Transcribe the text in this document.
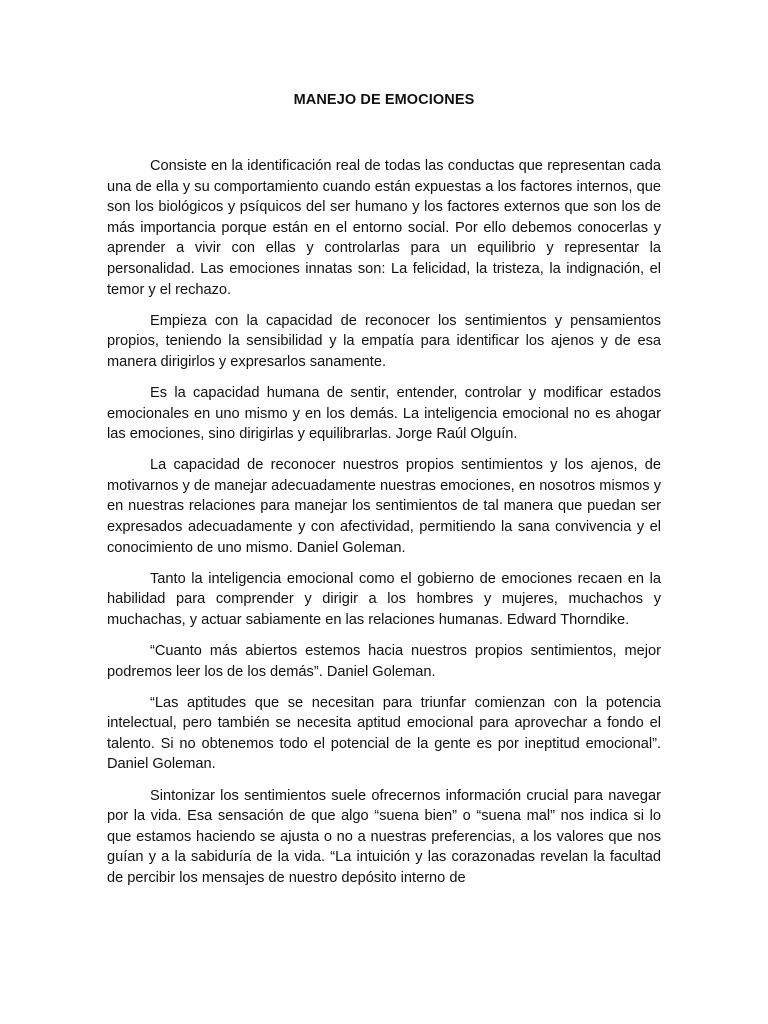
MANEJO DE EMOCIONES

Consiste en la identificación real de todas las conductas que representan cada una de ella y su comportamiento cuando están expuestas a los factores internos, que son los biológicos y psíquicos del ser humano y los factores externos que son los de más importancia porque están en el entorno social. Por ello debemos conocerlas y aprender a vivir con ellas y controlarlas para un equilibrio y representar la personalidad. Las emociones innatas son: La felicidad, la tristeza, la indignación, el temor y el rechazo.

Empieza con la capacidad de reconocer los sentimientos y pensamientos propios, teniendo la sensibilidad y la empatía para identificar los ajenos y de esa manera dirigirlos y expresarlos sanamente.

Es la capacidad humana de sentir, entender, controlar y modificar estados emocionales en uno mismo y en los demás. La inteligencia emocional no es ahogar las emociones, sino dirigirlas y equilibrarlas. Jorge Raúl Olguín.

La capacidad de reconocer nuestros propios sentimientos y los ajenos, de motivarnos y de manejar adecuadamente nuestras emociones, en nosotros mismos y en nuestras relaciones para manejar los sentimientos de tal manera que puedan ser expresados adecuadamente y con afectividad, permitiendo la sana convivencia y el conocimiento de uno mismo. Daniel Goleman.

Tanto la inteligencia emocional como el gobierno de emociones recaen en la habilidad para comprender y dirigir a los hombres y mujeres, muchachos y muchachas, y actuar sabiamente en las relaciones humanas. Edward Thorndike.

“Cuanto más abiertos estemos hacia nuestros propios sentimientos, mejor podremos leer los de los demás”. Daniel Goleman.

“Las aptitudes que se necesitan para triunfar comienzan con la potencia intelectual, pero también se necesita aptitud emocional para aprovechar a fondo el talento. Si no obtenemos todo el potencial de la gente es por ineptitud emocional”. Daniel Goleman.

Sintonizar los sentimientos suele ofrecernos información crucial para navegar por la vida. Esa sensación de que algo “suena bien” o “suena mal” nos indica si lo que estamos haciendo se ajusta o no a nuestras preferencias, a los valores que nos guían y a la sabiduría de la vida. “La intuición y las corazonadas revelan la facultad de percibir los mensajes de nuestro depósito interno de
